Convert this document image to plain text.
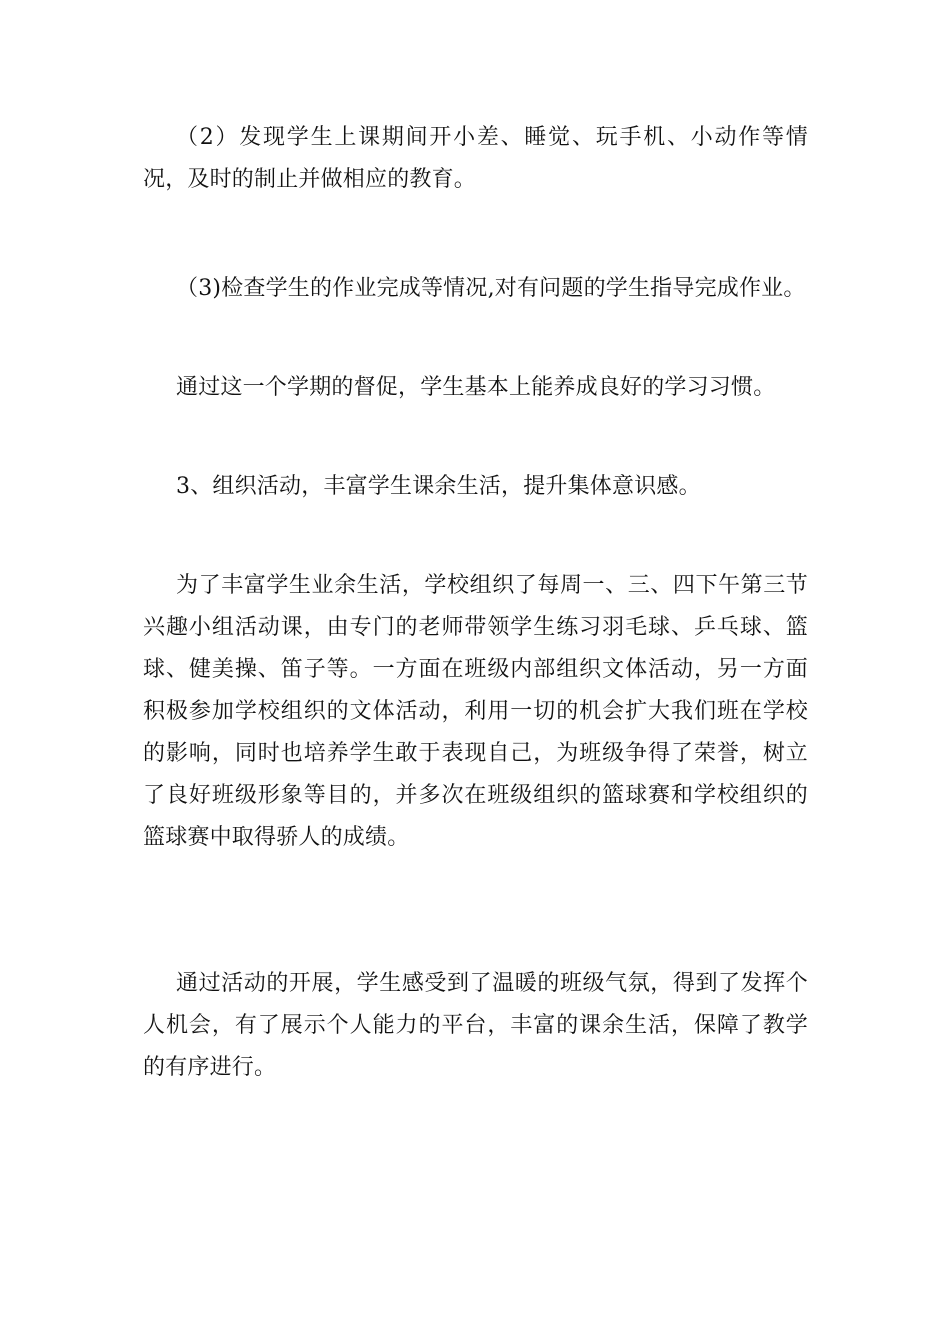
（2）发现学生上课期间开小差、睡觉、玩手机、小动作等情况，及时的制止并做相应的教育。

（3)检查学生的作业完成等情况,对有问题的学生指导完成作业。

通过这一个学期的督促，学生基本上能养成良好的学习习惯。

3、组织活动，丰富学生课余生活，提升集体意识感。

为了丰富学生业余生活，学校组织了每周一、三、四下午第三节兴趣小组活动课，由专门的老师带领学生练习羽毛球、乒乓球、篮球、健美操、笛子等。一方面在班级内部组织文体活动，另一方面积极参加学校组织的文体活动，利用一切的机会扩大我们班在学校的影响，同时也培养学生敢于表现自己，为班级争得了荣誉，树立了良好班级形象等目的，并多次在班级组织的篮球赛和学校组织的篮球赛中取得骄人的成绩。

通过活动的开展，学生感受到了温暖的班级气氛，得到了发挥个人机会，有了展示个人能力的平台，丰富的课余生活，保障了教学的有序进行。
